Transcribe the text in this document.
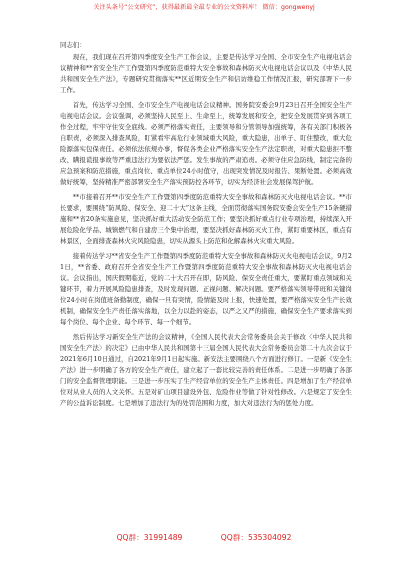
关注头条号“公文研究”，获得最新最全最专业的公文资料库！ 微信：gongwenyj

同志们：

现在，我们现在召开第四季度安全生产工作会议，主要是传达学习全国、全市安全生产电视电话会议精神和**省安全生产工作暨第四季度防范重特大安全事故和森林防灭火电视电话会议以及《中华人民共和国安全生产法》，专题研究贯彻落实**区近期安全生产和信访维稳工作情况汇报，研究部署下一步工作。

首先，传达学习全国、全市安全生产电视电话会议精神。国务院安委会9月23日召开全国安全生产电视电话会议。会议强调，必须坚持人民至上、生命至上，统筹发展和安全，把安全发展贯穿到各项工作全过程，牢牢守住安全底线。必须严格落实责任，主要领导和分管领导加强统筹，各有关部门积极各自职责，必须深入排查风险，盯紧看牢高危行业领域重大风险，重大隐患，出单子、盯住整改，重大危险源落实包保责任。必须依法依规办事，督促各类企业严格落实安全生产法定职责，对重大隐患拒不整改、瞒报谎报事故等严重违法行为要依法严惩。发生事故的严肃追责。必须守住应急防线，制定完备的应急预案和防范措施，重点岗位、重点单位24小时值守，出现突发情况及时报告、果断处置。必须高效做好统筹，坚持精准严密部署安全生产落实预防控各环节，切实为经济社会发展保驾护航。

**市接着召开**市安全生产工作暨第四季度防范重特大安全事故和森林防灭火电视电话会议。**市长要求，要围绕“防风险、保安全、迎二十大”这条主线，全面贯彻落实国务院安委会安全生产15条硬措施和**省20条实施意见，坚决抓好重大活动安全防范工作；要坚决抓好重点行业专项治理，持续深入开展危险化学品、城镇燃气和自建房三个集中治理，要坚决抓好森林防灭火工作，紧盯重要林区，重点有林景区，全面排查森林火灾风险隐患，切实从源头上防范和化解森林火灾重大风险。

接着传达学习**省安全生产工作暨第四季度防范重特大安全事故和森林防灭火电视电话会议，9月21日，**省委、政府召开全省安全生产工作暨第四季度防范重特大安全事故和森林防灭火电视电话会议。会议指出，国庆假期临近，党的二十大召开在即，防风险、保安全责任重大，要紧盯重点领域和关键环节，着力开展风险隐患排查，及时发现问题、正视问题、解决问题。要严格落实领导带班和关键岗位24小时在岗值班备勤制度，确保一旦有突情，险情能及时上报，快速处置，要严格落实安全生产长效机制，确保安全生产责任落实落地，以全力以赴的姿态，以严之又严的措施，确保安全生产要求落实到每个岗位、每个企业、每个环节、每一个细节。

然后传达学习新安全生产法的会议精神，《全国人民代表大会常务委员会关于修改〈中华人民共和国安全生产法〉的决定》已由中华人民共和国第十三届全国人民代表大会常务委员会第二十九次会议于2021年6月10日通过，自2021年9月1日起实施。新安法主要围绕八个方面进行修订。一是新《安全生产法》进一步明确了各方的安全生产责任，建立起了一套比较完善的责任体系。二是进一步明确了各部门的安全监督管理职能。三是进一步压实了生产经营单位的安全生产主体责任。四是增加了生产经营单位对从业人员的人文关怀。五是对矿山项目建设外包、危险作业等做了针对性修改。六是规定了安全生产的公益诉讼制度。七是增加了违法行为的处罚范围和力度，加大对违法行为的惩处力度。

QQ群：31991489	QQ群：535304092
